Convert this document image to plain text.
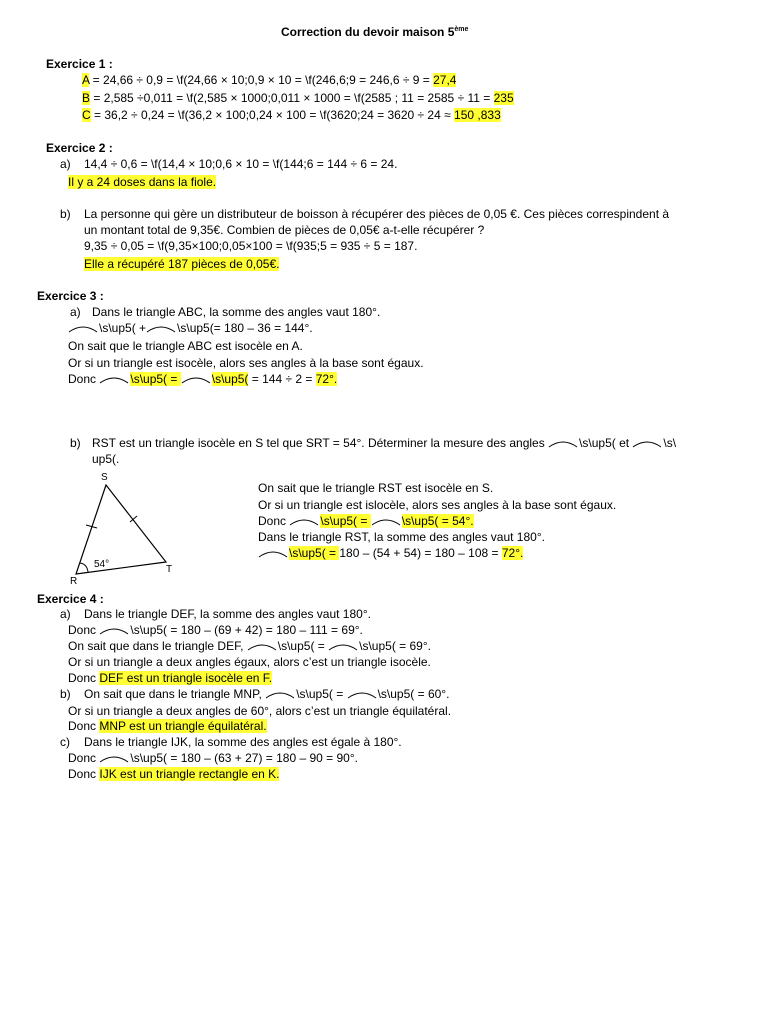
Correction du devoir maison 5ème
Exercice 1 :
A = 24,66 ÷ 0,9 = \f(24,66 × 10;0,9 × 10 = \f(246,6;9 = 246,6 ÷ 9 = 27,4
B = 2,585 ÷0,011 = \f(2,585 × 1000;0,011 × 1000 = \f(2585 ; 11 = 2585 ÷ 11 = 235
C = 36,2 ÷ 0,24 = \f(36,2 × 100;0,24 × 100 = \f(3620;24 = 3620 ÷ 24 ≈ 150 ,833
Exercice 2 :
a) 14,4 ÷ 0,6 = \f(14,4 × 10;0,6 × 10 = \f(144;6 = 144 ÷ 6 = 24.
Il y a 24 doses dans la fiole.
b) La personne qui gère un distributeur de boisson à récupérer des pièces de 0,05 €. Ces pièces correspindent à
un montant total de 9,35€. Combien de pièces de 0,05€ a-t-elle récupérer ?
9,35 ÷ 0,05 = \f(9,35×100;0,05×100 = \f(935;5 = 935 ÷ 5 = 187.
Elle a récupéré 187 pièces de 0,05€.
Exercice 3 :
a) Dans le triangle ABC, la somme des angles vaut 180°.
\s\up5( +	\s\up5(= 180 – 36 = 144°.
On sait que le triangle ABC est isocèle en A.
Or si un triangle est isocèle, alors ses angles à la base sont égaux.
Donc	\s\up5( =	\s\up5( = 144 ÷ 2 = 72°.
b) RST est un triangle isocèle en S tel que SRT = 54°. Déterminer la mesure des angles	\s\up5( et	\s\
up5(.
S
R
T
54°
On sait que le triangle RST est isocèle en S.
Or si un triangle est islocèle, alors ses angles à la base sont égaux.
Donc	\s\up5( =	\s\up5( = 54°.
Dans le triangle RST, la somme des angles vaut 180°.
\s\up5( = 180 – (54 + 54) = 180 – 108 = 72°.
Exercice 4 :
a) Dans le triangle DEF, la somme des angles vaut 180°.
Donc	\s\up5( = 180 – (69 + 42) = 180 – 111 = 69°.
On sait que dans le triangle DEF,	\s\up5( =	\s\up5( = 69°.
Or si un triangle a deux angles égaux, alors c’est un triangle isocèle.
Donc DEF est un triangle isocèle en F.
b) On sait que dans le triangle MNP,	\s\up5( =	\s\up5( = 60°.
Or si un triangle a deux angles de 60°, alors c’est un triangle équilatéral.
Donc MNP est un triangle équilatéral.
c) Dans le triangle IJK, la somme des angles est égale à 180°.
Donc	\s\up5( = 180 – (63 + 27) = 180 – 90 = 90°.
Donc IJK est un triangle rectangle en K.
